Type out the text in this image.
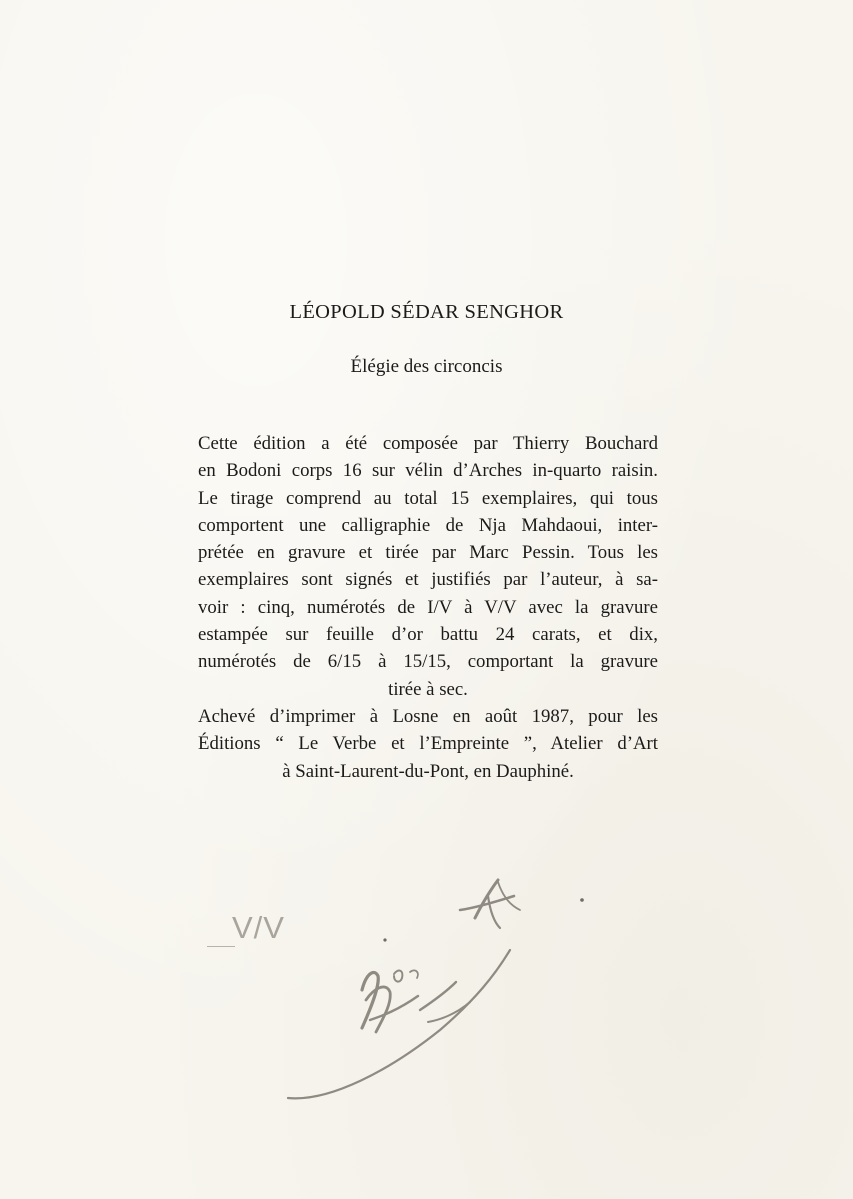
LÉOPOLD SÉDAR SENGHOR
Élégie des circoncis
Cette édition a été composée par Thierry Bouchard
en Bodoni corps 16 sur vélin d’Arches in-quarto raisin.
Le tirage comprend au total 15 exemplaires, qui tous
comportent une calligraphie de Nja Mahdaoui, inter-
prétée en gravure et tirée par Marc Pessin. Tous les
exemplaires sont signés et justifiés par l’auteur, à sa-
voir : cinq, numérotés de I/V à V/V avec la gravure
estampée sur feuille d’or battu 24 carats, et dix,
numérotés de 6/15 à 15/15, comportant la gravure
tirée à sec.
Achevé d’imprimer à Losne en août 1987, pour les
Éditions “ Le Verbe et l’Empreinte ”, Atelier d’Art
à Saint-Laurent-du-Pont, en Dauphiné.
V/V
